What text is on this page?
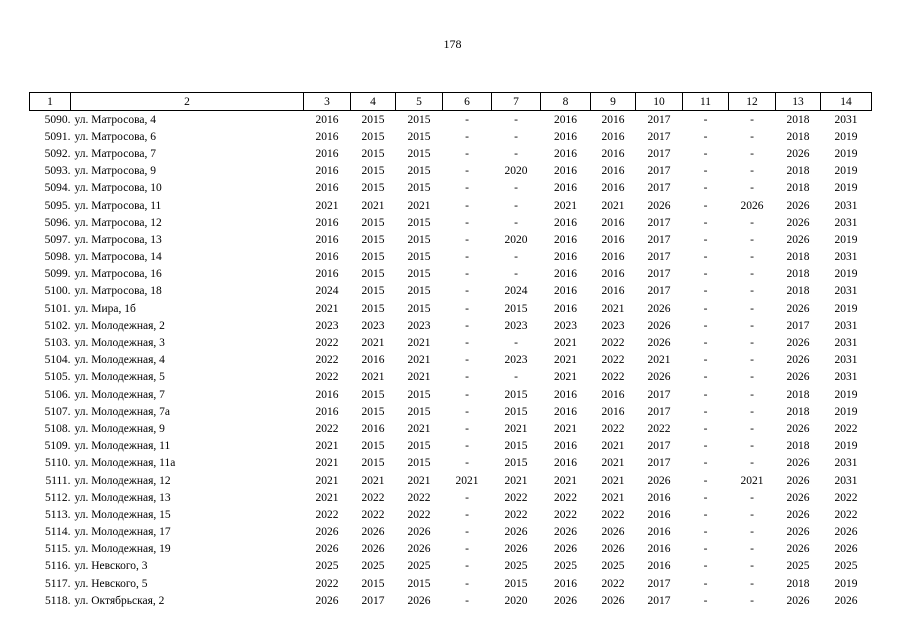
178
1	2	3	4	5	6	7	8	9	10	11	12	13	14
5090.	ул. Матросова, 4	2016	2015	2015	-	-	2016	2016	2017	-	-	2018	2031
5091.	ул. Матросова, 6	2016	2015	2015	-	-	2016	2016	2017	-	-	2018	2019
5092.	ул. Матросова, 7	2016	2015	2015	-	-	2016	2016	2017	-	-	2026	2019
5093.	ул. Матросова, 9	2016	2015	2015	-	2020	2016	2016	2017	-	-	2018	2019
5094.	ул. Матросова, 10	2016	2015	2015	-	-	2016	2016	2017	-	-	2018	2019
5095.	ул. Матросова, 11	2021	2021	2021	-	-	2021	2021	2026	-	2026	2026	2031
5096.	ул. Матросова, 12	2016	2015	2015	-	-	2016	2016	2017	-	-	2026	2031
5097.	ул. Матросова, 13	2016	2015	2015	-	2020	2016	2016	2017	-	-	2026	2019
5098.	ул. Матросова, 14	2016	2015	2015	-	-	2016	2016	2017	-	-	2018	2031
5099.	ул. Матросова, 16	2016	2015	2015	-	-	2016	2016	2017	-	-	2018	2019
5100.	ул. Матросова, 18	2024	2015	2015	-	2024	2016	2016	2017	-	-	2018	2031
5101.	ул. Мира, 1б	2021	2015	2015	-	2015	2016	2021	2026	-	-	2026	2019
5102.	ул. Молодежная, 2	2023	2023	2023	-	2023	2023	2023	2026	-	-	2017	2031
5103.	ул. Молодежная, 3	2022	2021	2021	-	-	2021	2022	2026	-	-	2026	2031
5104.	ул. Молодежная, 4	2022	2016	2021	-	2023	2021	2022	2021	-	-	2026	2031
5105.	ул. Молодежная, 5	2022	2021	2021	-	-	2021	2022	2026	-	-	2026	2031
5106.	ул. Молодежная, 7	2016	2015	2015	-	2015	2016	2016	2017	-	-	2018	2019
5107.	ул. Молодежная, 7а	2016	2015	2015	-	2015	2016	2016	2017	-	-	2018	2019
5108.	ул. Молодежная, 9	2022	2016	2021	-	2021	2021	2022	2022	-	-	2026	2022
5109.	ул. Молодежная, 11	2021	2015	2015	-	2015	2016	2021	2017	-	-	2018	2019
5110.	ул. Молодежная, 11а	2021	2015	2015	-	2015	2016	2021	2017	-	-	2026	2031
5111.	ул. Молодежная, 12	2021	2021	2021	2021	2021	2021	2021	2026	-	2021	2026	2031
5112.	ул. Молодежная, 13	2021	2022	2022	-	2022	2022	2021	2016	-	-	2026	2022
5113.	ул. Молодежная, 15	2022	2022	2022	-	2022	2022	2022	2016	-	-	2026	2022
5114.	ул. Молодежная, 17	2026	2026	2026	-	2026	2026	2026	2016	-	-	2026	2026
5115.	ул. Молодежная, 19	2026	2026	2026	-	2026	2026	2026	2016	-	-	2026	2026
5116.	ул. Невского, 3	2025	2025	2025	-	2025	2025	2025	2016	-	-	2025	2025
5117.	ул. Невского, 5	2022	2015	2015	-	2015	2016	2022	2017	-	-	2018	2019
5118.	ул. Октябрьская, 2	2026	2017	2026	-	2020	2026	2026	2017	-	-	2026	2026
